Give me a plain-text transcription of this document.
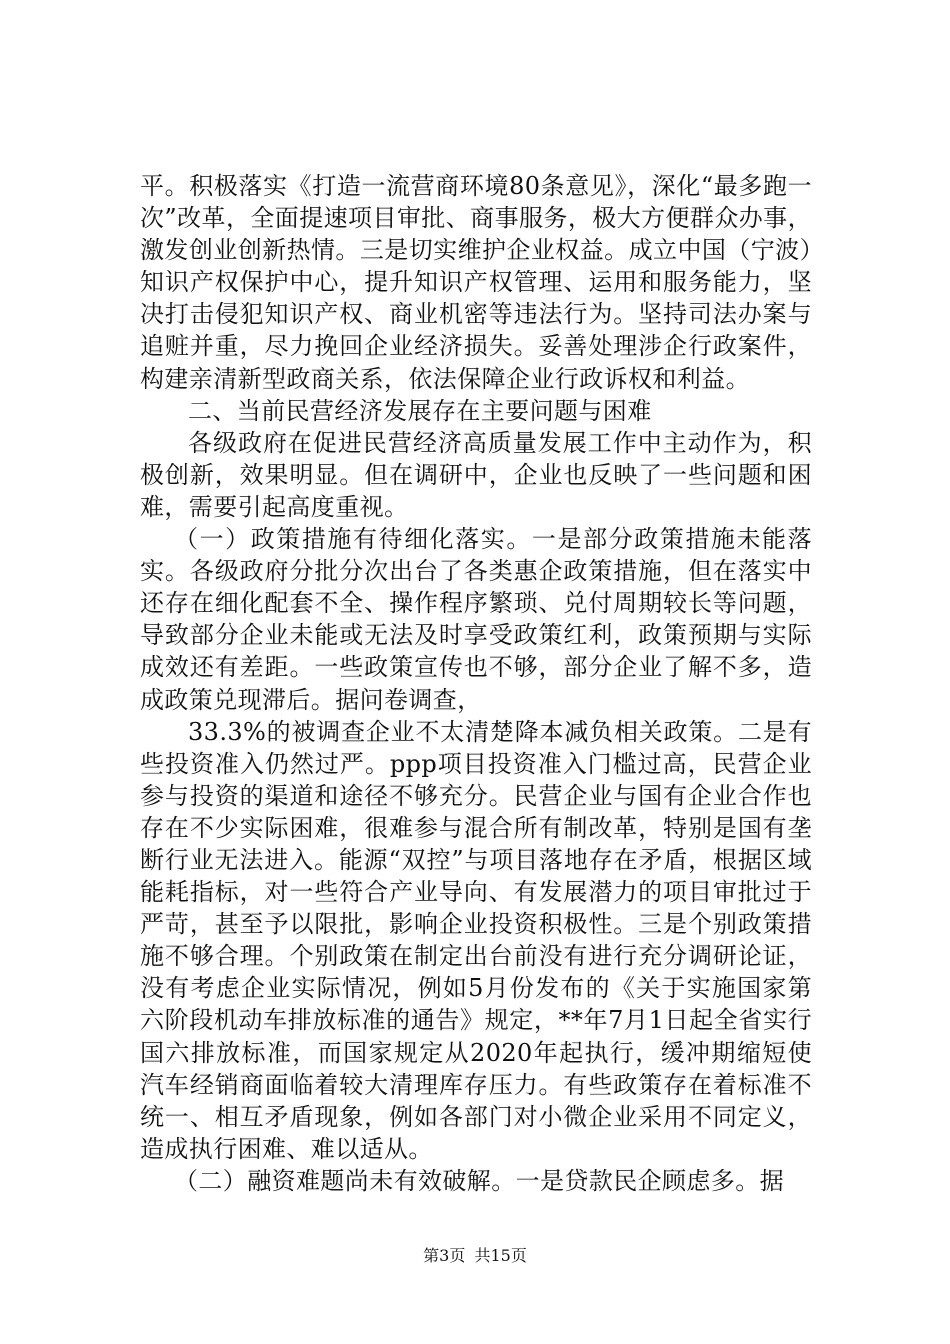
平。积极落实《打造一流营商环境80条意见》，深化“最多跑一次”改革，全面提速项目审批、商事服务，极大方便群众办事，激发创业创新热情。三是切实维护企业权益。成立中国（宁波）知识产权保护中心，提升知识产权管理、运用和服务能力，坚决打击侵犯知识产权、商业机密等违法行为。坚持司法办案与追赃并重，尽力挽回企业经济损失。妥善处理涉企行政案件，构建亲清新型政商关系，依法保障企业行政诉权和利益。

二、当前民营经济发展存在主要问题与困难

各级政府在促进民营经济高质量发展工作中主动作为，积极创新，效果明显。但在调研中，企业也反映了一些问题和困难，需要引起高度重视。

（一）政策措施有待细化落实。一是部分政策措施未能落实。各级政府分批分次出台了各类惠企政策措施，但在落实中还存在细化配套不全、操作程序繁琐、兑付周期较长等问题，导致部分企业未能或无法及时享受政策红利，政策预期与实际成效还有差距。一些政策宣传也不够，部分企业了解不多，造成政策兑现滞后。据问卷调查，

33.3%的被调查企业不太清楚降本减负相关政策。二是有些投资准入仍然过严。ppp项目投资准入门槛过高，民营企业参与投资的渠道和途径不够充分。民营企业与国有企业合作也存在不少实际困难，很难参与混合所有制改革，特别是国有垄断行业无法进入。能源“双控”与项目落地存在矛盾，根据区域能耗指标，对一些符合产业导向、有发展潜力的项目审批过于严苛，甚至予以限批，影响企业投资积极性。三是个别政策措施不够合理。个别政策在制定出台前没有进行充分调研论证，没有考虑企业实际情况，例如5月份发布的《关于实施国家第六阶段机动车排放标准的通告》规定，**年7月1日起全省实行国六排放标准，而国家规定从2020年起执行，缓冲期缩短使汽车经销商面临着较大清理库存压力。有些政策存在着标准不统一、相互矛盾现象，例如各部门对小微企业采用不同定义，造成执行困难、难以适从。

（二）融资难题尚未有效破解。一是贷款民企顾虑多。据

第3页 共15页
